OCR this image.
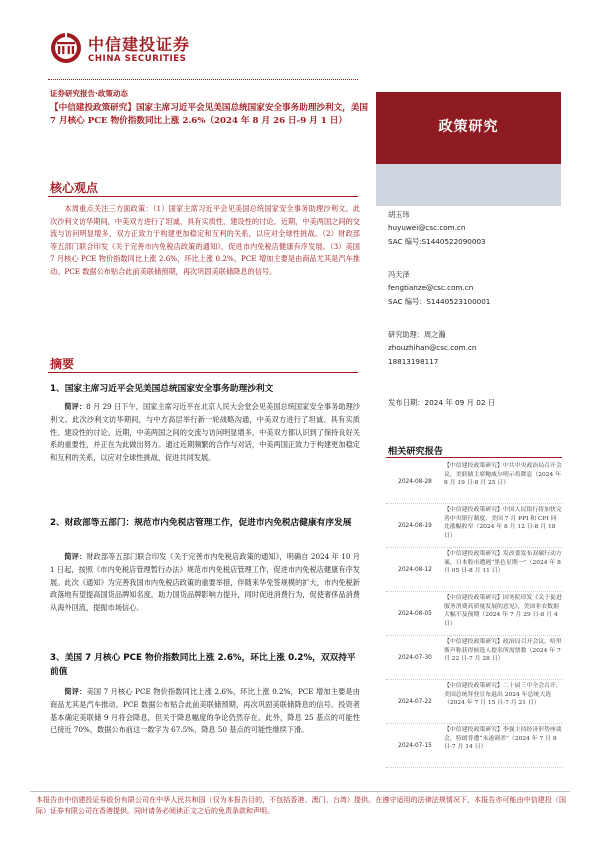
中信建投证券
CHINA SECURITIES
证券研究报告·政策动态
【中信建投政策研究】国家主席习近平会见美国总统国家安全事务助理沙利文，美国 7 月核心 PCE 物价指数同比上涨 2.6%（2024 年 8 月 26 日-9 月 1 日）	政策研究
核心观点
本周重点关注三方面政策：（1）国家主席习近平会见美国总统国家安全事务助理沙利文。此次沙利文访华期间，中美双方进行了坦诚、具有实质性、建设性的讨论。近期，中美两国之间的交流与访问明显增多，双方正致力于构建更加稳定和互利的关系，以应对全球性挑战。（2）财政部等五部门联合印发《关于完善市内免税店政策的通知》，促进市内免税店健康有序发展。（3）美国 7 月核心 PCE 物价指数同比上涨 2.6%，环比上涨 0.2%，PCE 增加主要是由商品尤其是汽车推动。PCE 数据公布贴合此前美联储预期，再次巩固美联储降息的信号。
摘要
1、国家主席习近平会见美国总统国家安全事务助理沙利文
简评：8 月 29 日下午，国家主席习近平在北京人民大会堂会见美国总统国家安全事务助理沙利文。此次沙利文访华期间，与中方高层举行新一轮战略沟通，中美双方进行了坦诚、具有实质性、建设性的讨论。近期，中美两国之间的交流与访问明显增多，中美双方都认识到了保持良好关系的重要性，并正在为此做出努力。通过近期频繁的合作与对话，中美两国正致力于构建更加稳定和互利的关系，以应对全球性挑战，促进共同发展。
2、财政部等五部门：规范市内免税店管理工作，促进市内免税店健康有序发展
简评：财政部等五部门联合印发《关于完善市内免税店政策的通知》，明确自 2024 年 10 月 1 日起，按照《市内免税店管理暂行办法》规范市内免税店管理工作，促进市内免税店健康有序发展。此次《通知》为完善我国市内免税店政策的重要举措，伴随来华免签规模的扩大，市内免税新政落地有望提高国货品牌知名度，助力国货品牌影响力提升，同时促进消费行为，促使奢侈品消费从海外回流，提振市场信心。
3、美国 7 月核心 PCE 物价指数同比上涨 2.6%，环比上涨 0.2%，双双持平前值
简评：美国 7 月核心 PCE 物价指数同比上涨 2.6%，环比上涨 0.2%，PCE 增加主要是由商品尤其是汽车推动。PCE 数据公布贴合此前美联储预期，再次巩固美联储降息的信号。投资者基本确定美联储 9 月将会降息，但关于降息幅度的争论仍然存在。此外，降息 25 基点的可能性已接近 70%，数据公布前这一数字为 67.5%，降息 50 基点的可能性继续下滑。
胡玉玮
huyuwei@csc.com.cn
SAC 编号:S1440522090003
冯天泽
fengtianze@csc.com.cn
SAC 编号：S1440523100001
研究助理：周之瀚
zhouzhihan@csc.com.cn
18813198117
发布日期：2024 年 09 月 02 日
相关研究报告
2024-08-28
【中信建投政策研究】中共中央政治局召开会议，美联储主席鲍威尔明示将降息（2024 年 8 月 19 日-8 月 25 日）
2024-08-19
【中信建投政策研究】中国人民银行将加快完善中央银行制度，美国 7 月 PPI 和 CPI 同比涨幅收窄（2024 年 8 月 12 日-8 月 18 日）
2024-08-12
【中信建投政策研究】发改委发布双碳行动方案，日本股市遭遇“黑色星期一”（2024 年 8 月 05 日-8 月 11 日）
2024-08-05
【中信建投政策研究】国务院印发《关于促进服务消费高质量发展的意见》，美国非农数据大幅不及预期（2024 年 7 月 29 日-8 月 4 日）
2024-07-30
【中信建投政策研究】政治局召开会议，哈里斯声称获得候选人提名所需票数（2024 年 7 月 22 日-7 月 28 日）
2024-07-22
【中信建投政策研究】二十届三中全会召开，美国总统拜登宣布退出 2024 年总统大选（2024 年 7 月 15 日-7 月 21 日）
2024-07-15
【中信建投政策研究】李强主持经济形势座谈会，特朗普遭“未遂刺杀”（2024 年 7 月 8 日-7 月 14 日）
本报告由中信建投证券股份有限公司在中华人民共和国（仅为本报告目的，不包括香港、澳门、台湾）提供。在遵守适用的法律法规情况下，本报告亦可能由中信建投（国际）证券有限公司在香港提供。同时请务必阅读正文之后的免责条款和声明。
